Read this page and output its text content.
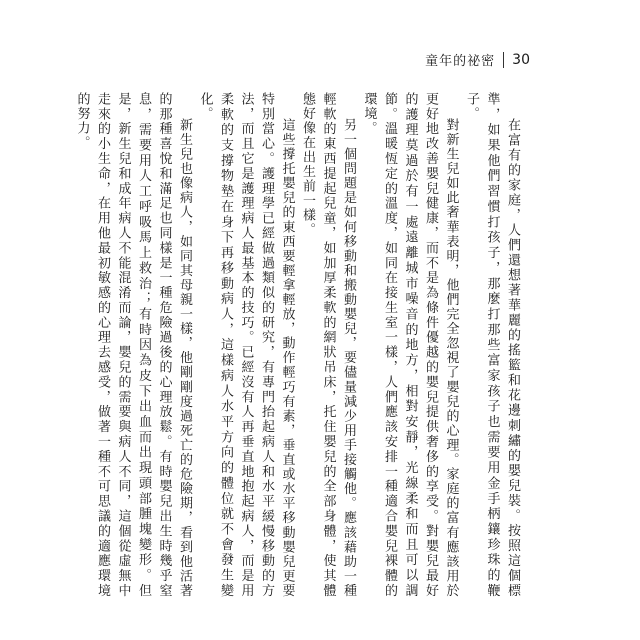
童年的祕密 30

在富有的家庭，人們還想著華麗的搖籃和花邊刺繡的嬰兒裝。按照這個標準，如果他們習慣打孩子，那麼打那些富家孩子也需要用金手柄鑲珍珠的鞭子。

對新生兒如此奢華表明，他們完全忽視了嬰兒的心理。家庭的富有應該用於更好地改善嬰兒健康，而不是為條件優越的嬰兒提供奢侈的享受。對嬰兒最好的護理莫過於有一處遠離城市噪音的地方，相對安靜，光線柔和而且可以調節。溫暖恆定的溫度，如同在接生室一樣，人們應該安排一種適合嬰兒裸體的環境。

另一個問題是如何移動和搬動嬰兒，要儘量減少用手接觸他。應該藉助一種輕軟的東西提起兒童，如加厚柔軟的網狀吊床，托住嬰兒的全部身體，使其體態好像在出生前一樣。

這些撐托嬰兒的東西要輕拿輕放，動作輕巧有素，垂直或水平移動嬰兒更要特別當心。護理學已經做過類似的研究，有專門抬起病人和水平緩慢移動的方法，而且它是護理病人最基本的技巧。已經沒有人再垂直地抱起病人，而是用柔軟的支撐物墊在身下再移動病人，這樣病人水平方向的體位就不會發生變化。

新生兒也像病人，如同其母親一樣，他剛剛度過死亡的危險期，看到他活著的那種喜悅和滿足也同樣是一種危險過後的心理放鬆。有時嬰兒出生時幾乎窒息，需要用人工呼吸馬上救治；有時因為皮下出血而出現頭部腫塊變形。但是，新生兒和成年病人不能混淆而論，嬰兒的需要與病人不同，這個從虛無中走來的小生命，在用他最初敏感的心理去感受，做著一種不可思議的適應環境的努力。
